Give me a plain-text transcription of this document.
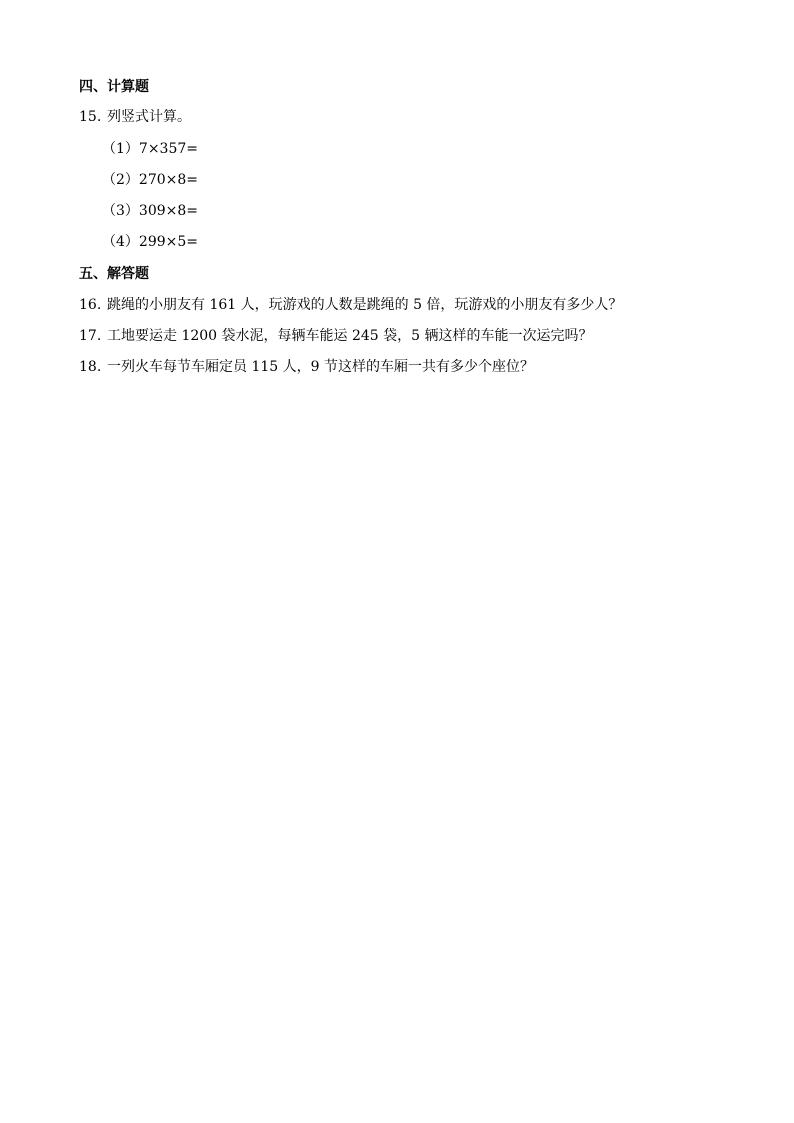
四、计算题
15. 列竖式计算。
（1）7×357=
（2）270×8=
（3）309×8=
（4）299×5=
五、解答题
16. 跳绳的小朋友有 161 人，玩游戏的人数是跳绳的 5 倍，玩游戏的小朋友有多少人？
17. 工地要运走 1200 袋水泥，每辆车能运 245 袋，5 辆这样的车能一次运完吗？
18. 一列火车每节车厢定员 115 人，9 节这样的车厢一共有多少个座位？
